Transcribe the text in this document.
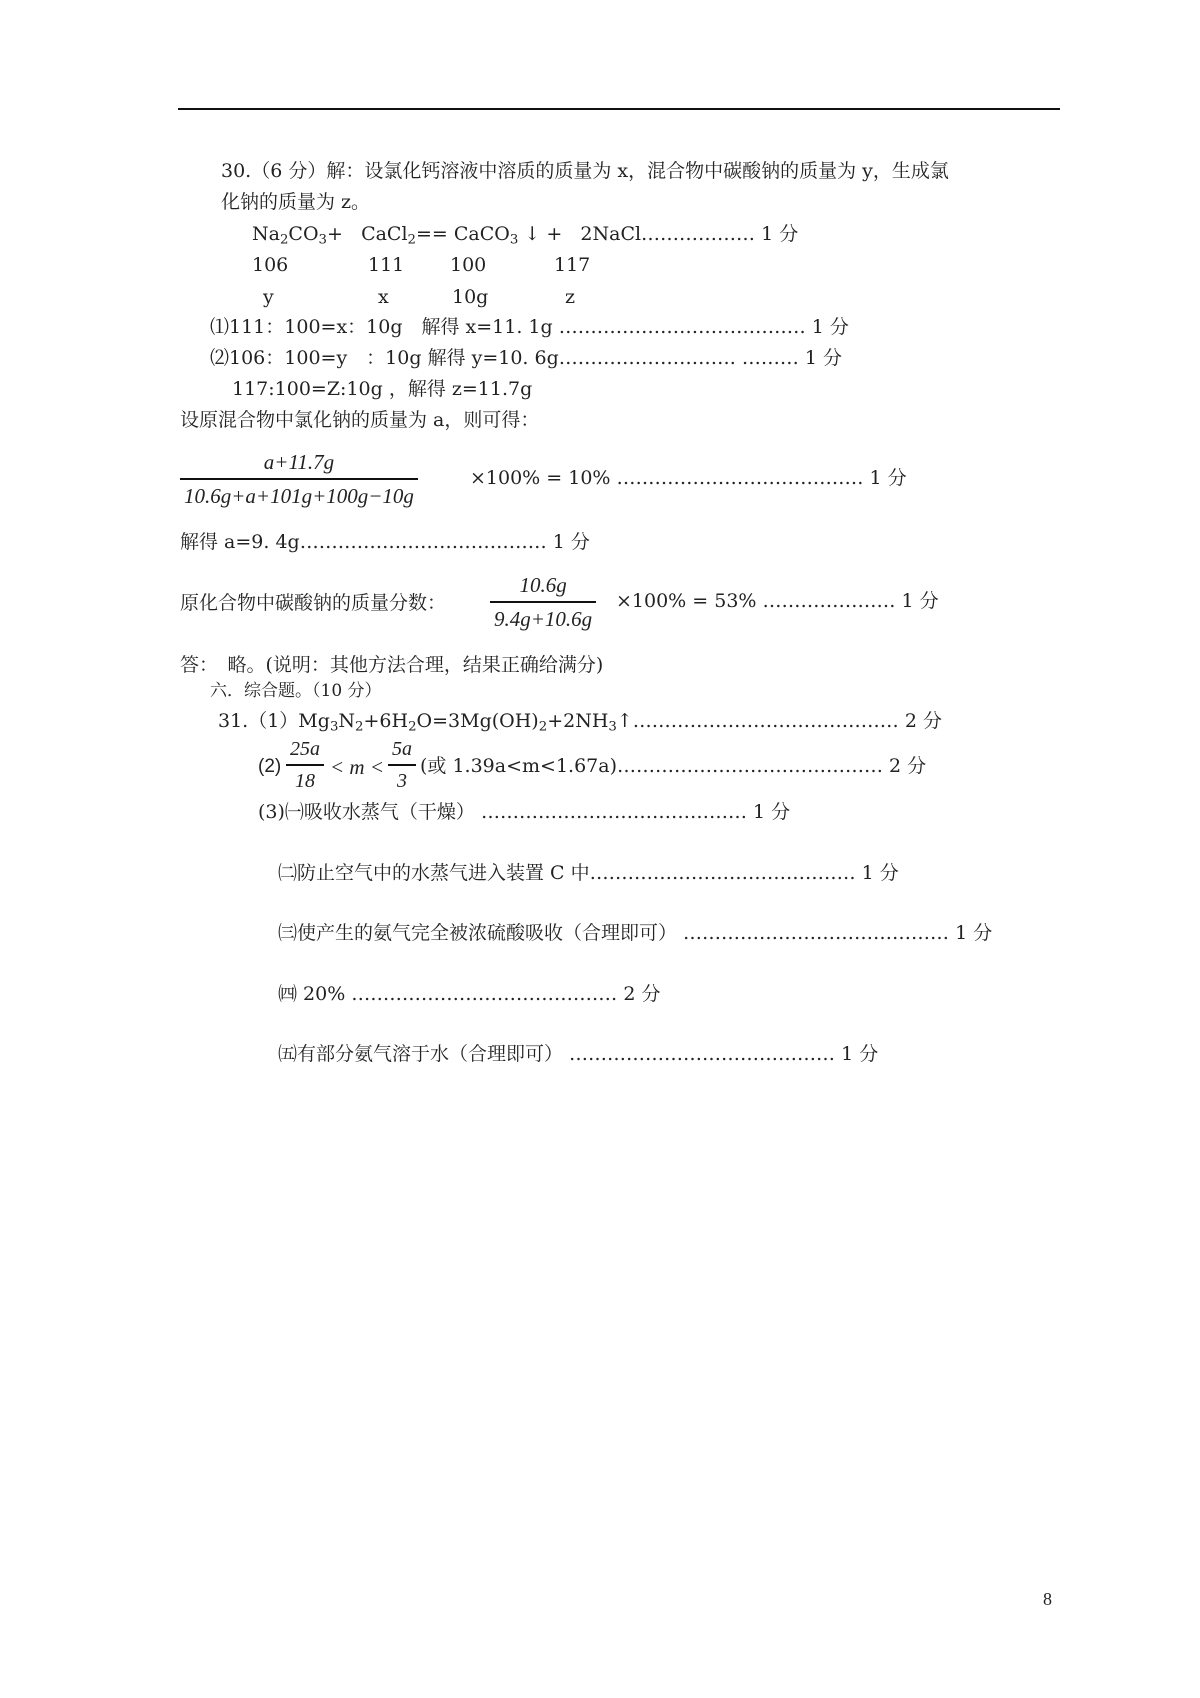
30.（6 分）解：设氯化钙溶液中溶质的质量为 x，混合物中碳酸钠的质量为 y，生成氯
化钠的质量为 z。
$Na_2CO_3+$ CaCl$_2$== CaCO$_3$ ↓ + 2NaCl……………… 1 分
106	111 100	117
y	x	10g	z
⑴111：100=x：10g　解得 x=11. 1g ………………………………… 1 分
⑵106：100=y　：10g 解得 y=10. 6g………………………. ……… 1 分
117:100=Z:10g ，解得 z=11.7g
设原混合物中氯化钠的质量为 a，则可得：
a+11.7g
10.6g+a+101g+100g−10g
×100% = 10% ………………………………… 1 分
解得 a=9. 4g………………………………… 1 分
原化合物中碳酸钠的质量分数：
10.6g
9.4g+10.6g
×100% = 53% ………………… 1 分
答：　略。(说明：其他方法合理，结果正确给满分)
六．综合题。（10 分）
$31.(1)Mg_3N_2+6H_2O=3Mg(OH)_2+2NH_3↑\dots\dots\dots\dots\dots\dots\dots\dots\dots\dots\dots\dots\dots\dots$ 2 分
(2)
25a
18
< m <
5a
3
(或 1.39a<m<1.67a)…………………………………… 2 分
(3)㈠吸收水蒸气（干燥） …………………………………… 1 分
㈡防止空气中的水蒸气进入装置 C 中…………………………………… 1 分
㈢使产生的氨气完全被浓硫酸吸收（合理即可） …………………………………… 1 分
㈣ 20% …………………………………… 2 分
㈤有部分氨气溶于水（合理即可） …………………………………… 1 分
8
